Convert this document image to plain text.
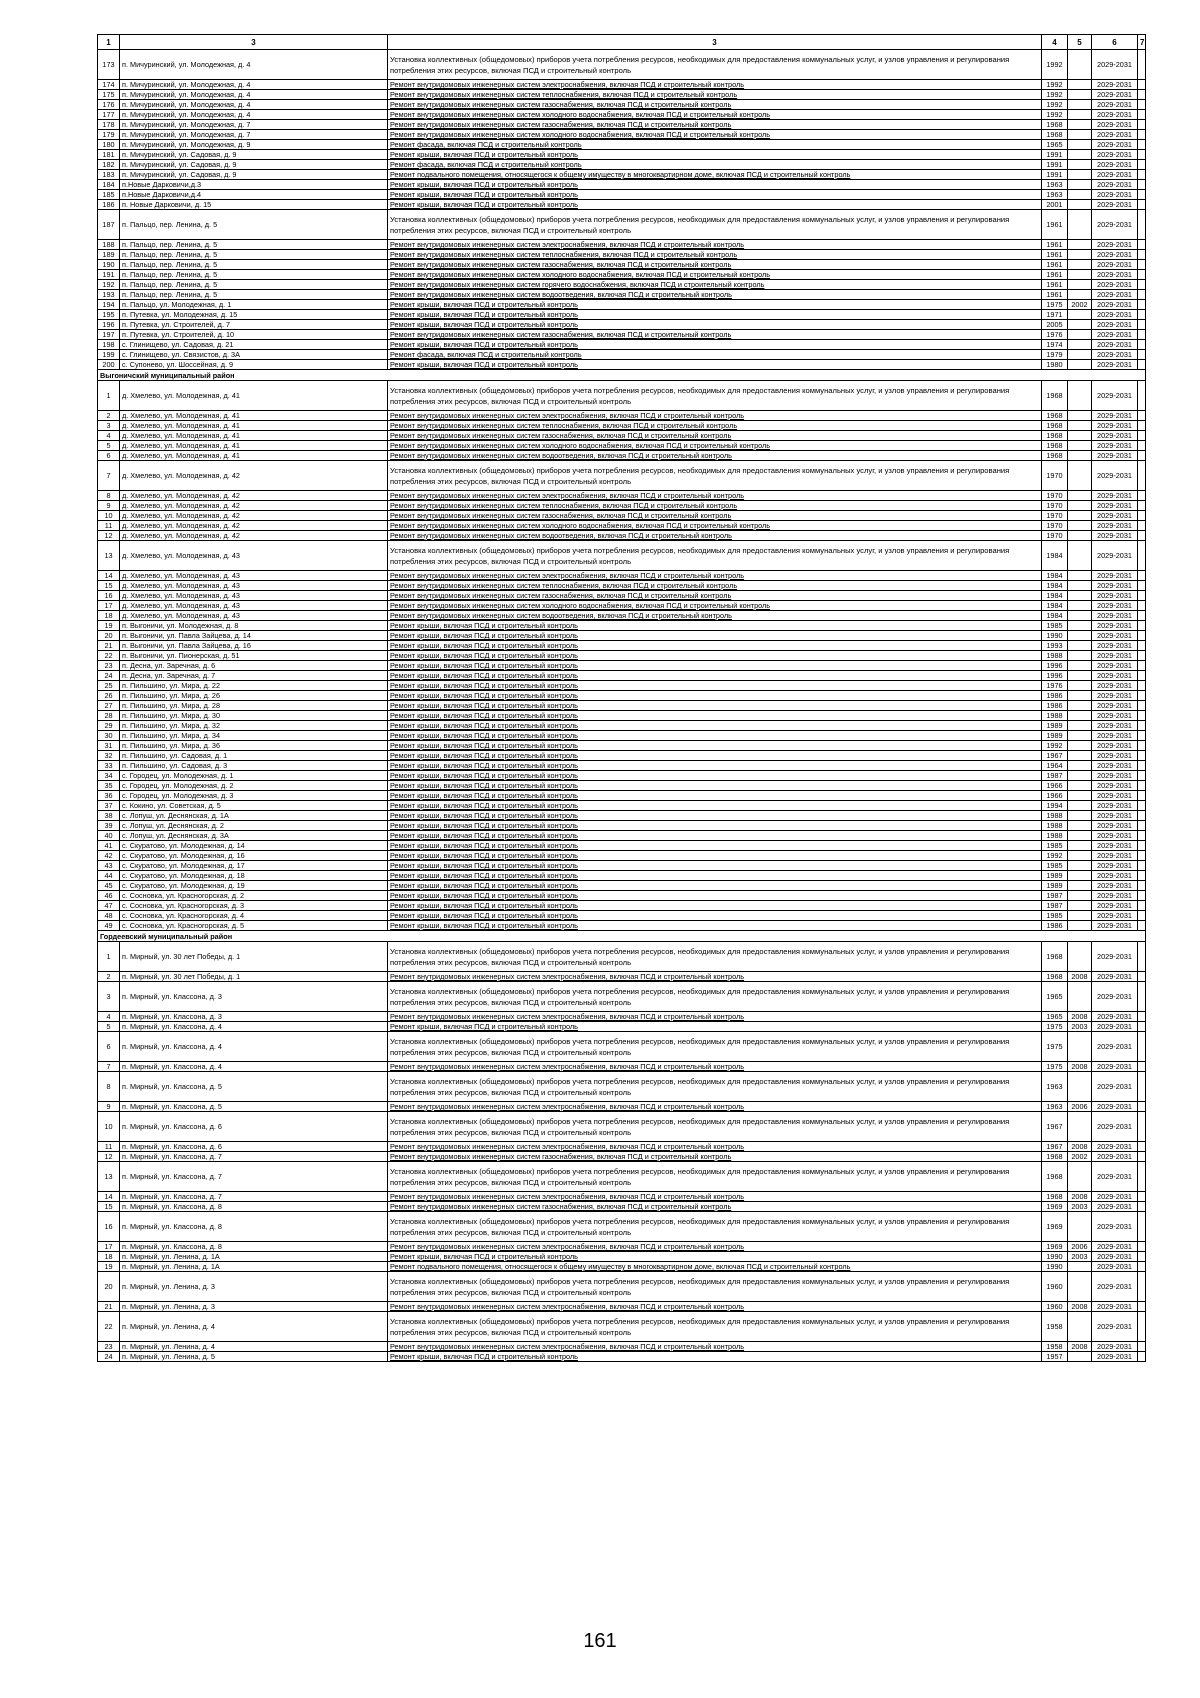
1	3	3	4	5	6	7
173	п. Мичуринский, ул. Молодежная, д. 4	Установка коллективных (общедомовых) приборов учета потребления ресурсов, необходимых для предоставления коммунальных услуг, и узлов управления и регулирования потребления этих ресурсов, включая ПСД и строительный контроль	1992		2029-2031	
174	п. Мичуринский, ул. Молодежная, д. 4	Ремонт внутридомовых инженерных систем электроснабжения, включая ПСД и строительный контроль	1992		2029-2031	
175	п. Мичуринский, ул. Молодежная, д. 4	Ремонт внутридомовых инженерных систем теплоснабжения, включая ПСД и строительный контроль	1992		2029-2031	
176	п. Мичуринский, ул. Молодежная, д. 4	Ремонт внутридомовых инженерных систем газоснабжения, включая ПСД и строительный контроль	1992		2029-2031	
177	п. Мичуринский, ул. Молодежная, д. 4	Ремонт внутридомовых инженерных систем холодного водоснабжения, включая ПСД и строительный контроль	1992		2029-2031	
178	п. Мичуринский, ул. Молодежная, д. 7	Ремонт внутридомовых инженерных систем газоснабжения, включая ПСД и строительный контроль	1968		2029-2031	
179	п. Мичуринский, ул. Молодежная, д. 7	Ремонт внутридомовых инженерных систем холодного водоснабжения, включая ПСД и строительный контроль	1968		2029-2031	
180	п. Мичуринский, ул. Молодежная, д. 9	Ремонт фасада, включая ПСД и строительный контроль	1965		2029-2031	
181	п. Мичуринский, ул. Садовая, д. 9	Ремонт крыши, включая ПСД и строительный контроль	1991		2029-2031	
182	п. Мичуринский, ул. Садовая, д. 9	Ремонт фасада, включая ПСД и строительный контроль	1991		2029-2031	
183	п. Мичуринский, ул. Садовая, д. 9	Ремонт подвального помещения, относящегося к общему имуществу в многоквартирном доме, включая ПСД и строительный контроль	1991		2029-2031	
184	п.Новые Дарковичи,д.3	Ремонт крыши, включая ПСД и строительный контроль	1963		2029-2031	
185	п.Новые Дарковичи,д.4	Ремонт крыши, включая ПСД и строительный контроль	1963		2029-2031	
186	п. Новые Дарковичи, д. 15	Ремонт крыши, включая ПСД и строительный контроль	2001		2029-2031	
187	п. Пальцо, пер. Ленина, д. 5	Установка коллективных (общедомовых) приборов учета потребления ресурсов, необходимых для предоставления коммунальных услуг, и узлов управления и регулирования потребления этих ресурсов, включая ПСД и строительный контроль	1961		2029-2031	
188	п. Пальцо, пер. Ленина, д. 5	Ремонт внутридомовых инженерных систем электроснабжения, включая ПСД и строительный контроль	1961		2029-2031	
189	п. Пальцо, пер. Ленина, д. 5	Ремонт внутридомовых инженерных систем теплоснабжения, включая ПСД и строительный контроль	1961		2029-2031	
190	п. Пальцо, пер. Ленина, д. 5	Ремонт внутридомовых инженерных систем газоснабжения, включая ПСД и строительный контроль	1961		2029-2031	
191	п. Пальцо, пер. Ленина, д. 5	Ремонт внутридомовых инженерных систем холодного водоснабжения, включая ПСД и строительный контроль	1961		2029-2031	
192	п. Пальцо, пер. Ленина, д. 5	Ремонт внутридомовых инженерных систем горячего водоснабжения, включая ПСД и строительный контроль	1961		2029-2031	
193	п. Пальцо, пер. Ленина, д. 5	Ремонт внутридомовых инженерных систем водоотведения, включая ПСД и строительный контроль	1961		2029-2031	
194	п. Пальцо, ул. Молодежная, д. 1	Ремонт крыши, включая ПСД и строительный контроль	1975	2002	2029-2031	
195	п. Путевка, ул. Молодежная, д. 15	Ремонт крыши, включая ПСД и строительный контроль	1971		2029-2031	
196	п. Путевка, ул. Строителей, д. 7	Ремонт крыши, включая ПСД и строительный контроль	2005		2029-2031	
197	п. Путевка, ул. Строителей, д. 10	Ремонт внутридомовых инженерных систем газоснабжения, включая ПСД и строительный контроль	1976		2029-2031	
198	с. Глинищево, ул. Садовая, д. 21	Ремонт крыши, включая ПСД и строительный контроль	1974		2029-2031	
199	с. Глинищево, ул. Связистов, д. 3А	Ремонт фасада, включая ПСД и строительный контроль	1979		2029-2031	
200	с. Супонево, ул. Шоссейная, д. 9	Ремонт крыши, включая ПСД и строительный контроль	1980		2029-2031	
Выгоничский муниципальный район						
1	д. Хмелево, ул. Молодежная, д. 41	Установка коллективных (общедомовых) приборов учета потребления ресурсов, необходимых для предоставления коммунальных услуг, и узлов управления и регулирования потребления этих ресурсов, включая ПСД и строительный контроль	1968		2029-2031	
2	д. Хмелево, ул. Молодежная, д. 41	Ремонт внутридомовых инженерных систем электроснабжения, включая ПСД и строительный контроль	1968		2029-2031	
3	д. Хмелево, ул. Молодежная, д. 41	Ремонт внутридомовых инженерных систем теплоснабжения, включая ПСД и строительный контроль	1968		2029-2031	
4	д. Хмелево, ул. Молодежная, д. 41	Ремонт внутридомовых инженерных систем газоснабжения, включая ПСД и строительный контроль	1968		2029-2031	
5	д. Хмелево, ул. Молодежная, д. 41	Ремонт внутридомовых инженерных систем холодного водоснабжения, включая ПСД и строительный контроль	1968		2029-2031	
6	д. Хмелево, ул. Молодежная, д. 41	Ремонт внутридомовых инженерных систем водоотведения, включая ПСД и строительный контроль	1968		2029-2031	
7	д. Хмелево, ул. Молодежная, д. 42	Установка коллективных (общедомовых) приборов учета потребления ресурсов, необходимых для предоставления коммунальных услуг, и узлов управления и регулирования потребления этих ресурсов, включая ПСД и строительный контроль	1970		2029-2031	
8	д. Хмелево, ул. Молодежная, д. 42	Ремонт внутридомовых инженерных систем электроснабжения, включая ПСД и строительный контроль	1970		2029-2031	
9	д. Хмелево, ул. Молодежная, д. 42	Ремонт внутридомовых инженерных систем теплоснабжения, включая ПСД и строительный контроль	1970		2029-2031	
10	д. Хмелево, ул. Молодежная, д. 42	Ремонт внутридомовых инженерных систем газоснабжения, включая ПСД и строительный контроль	1970		2029-2031	
11	д. Хмелево, ул. Молодежная, д. 42	Ремонт внутридомовых инженерных систем холодного водоснабжения, включая ПСД и строительный контроль	1970		2029-2031	
12	д. Хмелево, ул. Молодежная, д. 42	Ремонт внутридомовых инженерных систем водоотведения, включая ПСД и строительный контроль	1970		2029-2031	
13	д. Хмелево, ул. Молодежная, д. 43	Установка коллективных (общедомовых) приборов учета потребления ресурсов, необходимых для предоставления коммунальных услуг, и узлов управления и регулирования потребления этих ресурсов, включая ПСД и строительный контроль	1984		2029-2031	
14	д. Хмелево, ул. Молодежная, д. 43	Ремонт внутридомовых инженерных систем электроснабжения, включая ПСД и строительный контроль	1984		2029-2031	
15	д. Хмелево, ул. Молодежная, д. 43	Ремонт внутридомовых инженерных систем теплоснабжения, включая ПСД и строительный контроль	1984		2029-2031	
16	д. Хмелево, ул. Молодежная, д. 43	Ремонт внутридомовых инженерных систем газоснабжения, включая ПСД и строительный контроль	1984		2029-2031	
17	д. Хмелево, ул. Молодежная, д. 43	Ремонт внутридомовых инженерных систем холодного водоснабжения, включая ПСД и строительный контроль	1984		2029-2031	
18	д. Хмелево, ул. Молодежная, д. 43	Ремонт внутридомовых инженерных систем водоотведения, включая ПСД и строительный контроль	1984		2029-2031	
19	п. Выгоничи, ул. Молодежная, д. 8	Ремонт крыши, включая ПСД и строительный контроль	1985		2029-2031	
20	п. Выгоничи, ул. Павла Зайцева, д. 14	Ремонт крыши, включая ПСД и строительный контроль	1990		2029-2031	
21	п. Выгоничи, ул. Павла Зайцева, д. 16	Ремонт крыши, включая ПСД и строительный контроль	1993		2029-2031	
22	п. Выгоничи, ул. Пионерская, д. 51	Ремонт крыши, включая ПСД и строительный контроль	1988		2029-2031	
23	п. Десна, ул. Заречная, д. 6	Ремонт крыши, включая ПСД и строительный контроль	1996		2029-2031	
24	п. Десна, ул. Заречная, д. 7	Ремонт крыши, включая ПСД и строительный контроль	1996		2029-2031	
25	п. Пильшино, ул. Мира, д. 22	Ремонт крыши, включая ПСД и строительный контроль	1976		2029-2031	
26	п. Пильшино, ул. Мира, д. 26	Ремонт крыши, включая ПСД и строительный контроль	1986		2029-2031	
27	п. Пильшино, ул. Мира, д. 28	Ремонт крыши, включая ПСД и строительный контроль	1986		2029-2031	
28	п. Пильшино, ул. Мира, д. 30	Ремонт крыши, включая ПСД и строительный контроль	1988		2029-2031	
29	п. Пильшино, ул. Мира, д. 32	Ремонт крыши, включая ПСД и строительный контроль	1989		2029-2031	
30	п. Пильшино, ул. Мира, д. 34	Ремонт крыши, включая ПСД и строительный контроль	1989		2029-2031	
31	п. Пильшино, ул. Мира, д. 36	Ремонт крыши, включая ПСД и строительный контроль	1992		2029-2031	
32	п. Пильшино, ул. Садовая, д. 1	Ремонт крыши, включая ПСД и строительный контроль	1967		2029-2031	
33	п. Пильшино, ул. Садовая, д. 3	Ремонт крыши, включая ПСД и строительный контроль	1964		2029-2031	
34	с. Городец, ул. Молодежная, д. 1	Ремонт крыши, включая ПСД и строительный контроль	1987		2029-2031	
35	с. Городец, ул. Молодежная, д. 2	Ремонт крыши, включая ПСД и строительный контроль	1966		2029-2031	
36	с. Городец, ул. Молодежная, д. 3	Ремонт крыши, включая ПСД и строительный контроль	1966		2029-2031	
37	с. Кокино, ул. Советская, д. 5	Ремонт крыши, включая ПСД и строительный контроль	1994		2029-2031	
38	с. Лопуш, ул. Деснянская, д. 1А	Ремонт крыши, включая ПСД и строительный контроль	1988		2029-2031	
39	с. Лопуш, ул. Деснянская, д. 2	Ремонт крыши, включая ПСД и строительный контроль	1988		2029-2031	
40	с. Лопуш, ул. Деснянская, д. 3А	Ремонт крыши, включая ПСД и строительный контроль	1988		2029-2031	
41	с. Скуратово, ул. Молодежная, д. 14	Ремонт крыши, включая ПСД и строительный контроль	1985		2029-2031	
42	с. Скуратово, ул. Молодежная, д. 16	Ремонт крыши, включая ПСД и строительный контроль	1992		2029-2031	
43	с. Скуратово, ул. Молодежная, д. 17	Ремонт крыши, включая ПСД и строительный контроль	1985		2029-2031	
44	с. Скуратово, ул. Молодежная, д. 18	Ремонт крыши, включая ПСД и строительный контроль	1989		2029-2031	
45	с. Скуратово, ул. Молодежная, д. 19	Ремонт крыши, включая ПСД и строительный контроль	1989		2029-2031	
46	с. Сосновка, ул. Красногорская, д. 2	Ремонт крыши, включая ПСД и строительный контроль	1987		2029-2031	
47	с. Сосновка, ул. Красногорская, д. 3	Ремонт крыши, включая ПСД и строительный контроль	1987		2029-2031	
48	с. Сосновка, ул. Красногорская, д. 4	Ремонт крыши, включая ПСД и строительный контроль	1985		2029-2031	
49	с. Сосновка, ул. Красногорская, д. 5	Ремонт крыши, включая ПСД и строительный контроль	1986		2029-2031	
Гордеевский муниципальный район						
1	п. Мирный, ул. 30 лет Победы, д. 1	Установка коллективных (общедомовых) приборов учета потребления ресурсов, необходимых для предоставления коммунальных услуг, и узлов управления и регулирования потребления этих ресурсов, включая ПСД и строительный контроль	1968		2029-2031	
2	п. Мирный, ул. 30 лет Победы, д. 1	Ремонт внутридомовых инженерных систем электроснабжения, включая ПСД и строительный контроль	1968	2008	2029-2031	
3	п. Мирный, ул. Классона, д. 3	Установка коллективных (общедомовых) приборов учета потребления ресурсов, необходимых для предоставления коммунальных услуг, и узлов управления и регулирования потребления этих ресурсов, включая ПСД и строительный контроль	1965		2029-2031	
4	п. Мирный, ул. Классона, д. 3	Ремонт внутридомовых инженерных систем электроснабжения, включая ПСД и строительный контроль	1965	2008	2029-2031	
5	п. Мирный, ул. Классона, д. 4	Ремонт крыши, включая ПСД и строительный контроль	1975	2003	2029-2031	
6	п. Мирный, ул. Классона, д. 4	Установка коллективных (общедомовых) приборов учета потребления ресурсов, необходимых для предоставления коммунальных услуг, и узлов управления и регулирования потребления этих ресурсов, включая ПСД и строительный контроль	1975		2029-2031	
7	п. Мирный, ул. Классона, д. 4	Ремонт внутридомовых инженерных систем электроснабжения, включая ПСД и строительный контроль	1975	2008	2029-2031	
8	п. Мирный, ул. Классона, д. 5	Установка коллективных (общедомовых) приборов учета потребления ресурсов, необходимых для предоставления коммунальных услуг, и узлов управления и регулирования потребления этих ресурсов, включая ПСД и строительный контроль	1963		2029-2031	
9	п. Мирный, ул. Классона, д. 5	Ремонт внутридомовых инженерных систем электроснабжения, включая ПСД и строительный контроль	1963	2006	2029-2031	
10	п. Мирный, ул. Классона, д. 6	Установка коллективных (общедомовых) приборов учета потребления ресурсов, необходимых для предоставления коммунальных услуг, и узлов управления и регулирования потребления этих ресурсов, включая ПСД и строительный контроль	1967		2029-2031	
11	п. Мирный, ул. Классона, д. 6	Ремонт внутридомовых инженерных систем электроснабжения, включая ПСД и строительный контроль	1967	2008	2029-2031	
12	п. Мирный, ул. Классона, д. 7	Ремонт внутридомовых инженерных систем газоснабжения, включая ПСД и строительный контроль	1968	2002	2029-2031	
13	п. Мирный, ул. Классона, д. 7	Установка коллективных (общедомовых) приборов учета потребления ресурсов, необходимых для предоставления коммунальных услуг, и узлов управления и регулирования потребления этих ресурсов, включая ПСД и строительный контроль	1968		2029-2031	
14	п. Мирный, ул. Классона, д. 7	Ремонт внутридомовых инженерных систем электроснабжения, включая ПСД и строительный контроль	1968	2008	2029-2031	
15	п. Мирный, ул. Классона, д. 8	Ремонт внутридомовых инженерных систем газоснабжения, включая ПСД и строительный контроль	1969	2003	2029-2031	
16	п. Мирный, ул. Классона, д. 8	Установка коллективных (общедомовых) приборов учета потребления ресурсов, необходимых для предоставления коммунальных услуг, и узлов управления и регулирования потребления этих ресурсов, включая ПСД и строительный контроль	1969		2029-2031	
17	п. Мирный, ул. Классона, д. 8	Ремонт внутридомовых инженерных систем электроснабжения, включая ПСД и строительный контроль	1969	2006	2029-2031	
18	п. Мирный, ул. Ленина, д. 1А	Ремонт крыши, включая ПСД и строительный контроль	1990	2003	2029-2031	
19	п. Мирный, ул. Ленина, д. 1А	Ремонт подвального помещения, относящегося к общему имуществу в многоквартирном доме, включая ПСД и строительный контроль	1990		2029-2031	
20	п. Мирный, ул. Ленина, д. 3	Установка коллективных (общедомовых) приборов учета потребления ресурсов, необходимых для предоставления коммунальных услуг, и узлов управления и регулирования потребления этих ресурсов, включая ПСД и строительный контроль	1960		2029-2031	
21	п. Мирный, ул. Ленина, д. 3	Ремонт внутридомовых инженерных систем электроснабжения, включая ПСД и строительный контроль	1960	2008	2029-2031	
22	п. Мирный, ул. Ленина, д. 4	Установка коллективных (общедомовых) приборов учета потребления ресурсов, необходимых для предоставления коммунальных услуг, и узлов управления и регулирования потребления этих ресурсов, включая ПСД и строительный контроль	1958		2029-2031	
23	п. Мирный, ул. Ленина, д. 4	Ремонт внутридомовых инженерных систем электроснабжения, включая ПСД и строительный контроль	1958	2008	2029-2031	
24	п. Мирный, ул. Ленина, д. 5	Ремонт крыши, включая ПСД и строительный контроль	1957		2029-2031	
161
